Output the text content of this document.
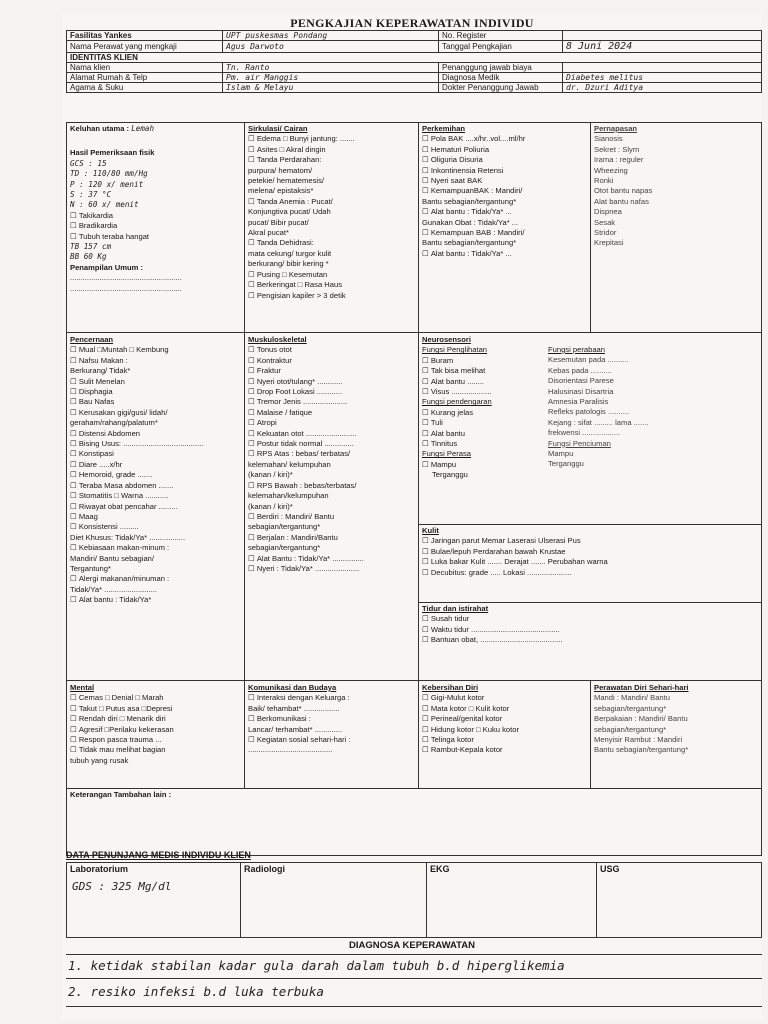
PENGKAJIAN KEPERAWATAN INDIVIDU
Fasilitas Yankes	UPT puskesmas Pondang	No. Register	
Nama Perawat yang mengkaji	Agus Darwoto	Tanggal Pengkajian	8 Juni 2024
IDENTITAS KLIEN			
Nama klien	Tn. Ranto	Penanggung jawab biaya	
Alamat Rumah & Telp	Pm. air Manggis	Diagnosa Medik	Diabetes melitus
Agama & Suku	Islam & Melayu	Dokter Penanggung Jawab	dr. Dzuri Aditya
Keluhan utama : Lemah
Hasil Pemeriksaan fisik
GCS : 15
TD : 110/80 mm/Hg
P : 120 x/ menit
S : 37 °C
N : 60 x/ menit
☐ Takikardia
☐ Bradikardia
☐ Tubuh teraba hangat
TB 157 cm
BB 60 Kg
Penampilan Umum :
.....................................................
.....................................................
Sirkulasi/ Cairan
☐ Edema □ Bunyi jantung: .......
☐ Asites □ Akral dingin
☐ Tanda Perdarahan:
purpura/ hematom/
petekie/ hematemesis/
melena/ epistaksis*
☐ Tanda Anemia : Pucat/
Konjungtiva pucat/ Udah
pucat/ Bibir pucat/
Akral pucat*
☐ Tanda Dehidrasi:
mata cekung/ turgor kulit
berkurang/ bibir kering *
☐ Pusing □ Kesemutan
☐ Berkeringat □ Rasa Haus
☐ Pengisian kapiler > 3 detik
Perkemihan
☐ Pola BAK ....x/hr..vol....ml/hr
☐ Hematuri Poliuria
☐ Oliguria Disuria
☐ Inkontinensia Retensi
☐ Nyeri saat BAK
☐ KemampuanBAK : Mandiri/
Bantu sebagian/tergantung*
☐ Alat bantu : Tidak/Ya* ...
Gunakan Obat : Tidak/Ya* ...
☐ Kemampuan BAB : Mandiri/
Bantu sebagian/tergantung*
☐ Alat bantu : Tidak/Ya* ...
Pernapasan
Sianosis
Sekret : Slym
Irama : reguler
Wheezing
Ronki
Otot bantu napas
Alat bantu nafas
Dispnea
Sesak
Stridor
Krepitasi
Pencernaan
☐ Mual □Muntah □ Kembung
☐ Nafsu Makan :
Berkurang/ Tidak*
☐ Sulit Menelan
☐ Disphagia
☐ Bau Nafas
☐ Kerusakan gigi/gusi/ lidah/
geraham/rahang/palatum*
☐ Distensi Abdomen
☐ Bising Usus: ......................................
☐ Konstipasi
☐ Diare .....x/hr
☐ Hemoroid, grade .......
☐ Teraba Masa abdomen .......
☐ Stomatitis □ Warna ...........
☐ Riwayat obat pencahar .........
☐ Maag
☐ Konsistensi .........
Diet Khusus: Tidak/Ya* .................
☐ Kebiasaan makan-minum :
Mandiri/ Bantu sebagian/
Tergantung*
☐ Alergi makanan/minuman :
Tidak/Ya* .........................
☐ Alat bantu : Tidak/Ya*
Muskuloskeletal
☐ Tonus otot
☐ Kontraktur
☐ Fraktur
☐ Nyeri otot/tulang* ............
☐ Drop Foot Lokasi ............
☐ Tremor Jenis .....................
☐ Malaise / fatique
☐ Atropi
☐ Kekuatan otot ........................
☐ Postur tidak normal ..............
☐ RPS Atas : bebas/ terbatas/
kelemahan/ kelumpuhan
(kanan / kiri)*
☐ RPS Bawah : bebas/terbatas/
kelemahan/kelumpuhan
(kanan / kiri)*
☐ Berdiri : Mandiri/ Bantu
sebagian/tergantung*
☐ Berjalan : Mandiri/Bantu
sebagian/tergantung*
☐ Alat Bantu : Tidak/Ya* ...............
☐ Nyeri : Tidak/Ya* .....................
Neurosensori
Fungsi Penglihatan
☐ Buram
☐ Tak bisa melihat
☐ Alat bantu ........
☐ Visus ...................
Fungsi pendengaran
☐ Kurang jelas
☐ Tuli
☐ Alat bantu
☐ Tinnitus
Fungsi Perasa
☐ Mampu
Terganggu
Fungsi perabaan
Kesemutan pada ..........
Kebas pada ..........
Disorientasi Parese
Halusinasi Disartria
Amnesia Paralisis
Refleks patologis ..........
Kejang : sifat ......... lama .......
frekwensi ..................
Fungsi Penciuman
Mampu
Terganggu
Kulit
☐ Jaringan parut Memar Laserasi Ulserasi Pus
☐ Bulae/lepuh Perdarahan bawah Krustae
☐ Luka bakar Kulit ....... Derajat ....... Perubahan warna
☐ Decubitus: grade ..... Lokasi .....................
Tidur dan istirahat
☐ Susah tidur
☐ Waktu tidur ..........................................
☐ Bantuan obat, .......................................
Mental
☐ Cemas □ Denial □ Marah
☐ Takut □ Putus asa □Depresi
☐ Rendah diri □ Menarik diri
☐ Agresif □Perilaku kekerasan
☐ Respon pasca trauma ...
☐ Tidak mau melihat bagian
tubuh yang rusak
Komunikasi dan Budaya
☐ Interaksi dengan Keluarga :
Baik/ tehambat* .................
☐ Berkomunikasi :
Lancar/ terhambat* .............
☐ Kegiatan sosial sehari-hari :
........................................
Kebersihan Diri
☐ Gigi-Mulut kotor
☐ Mata kotor □ Kulit kotor
☐ Perineal/genital kotor
☐ Hidung kotor □ Kuku kotor
☐ Telinga kotor
☐ Rambut-Kepala kotor
Perawatan Diri Sehari-hari
Mandi : Mandiri/ Bantu
sebagian/tergantung*
Berpakaian : Mandiri/ Bantu
sebagian/tergantung*
Menyisir Rambut : Mandiri
Bantu sebagian/tergantung*
Keterangan Tambahan lain :
DATA PENUNJANG MEDIS INDIVIDU KLIEN
Laboratorium
GDS : 325 Mg/dl
Radiologi	EKG	USG
DIAGNOSA KEPERAWATAN
1. ketidak stabilan kadar gula darah dalam tubuh b.d hiperglikemia
2. resiko infeksi b.d luka terbuka
